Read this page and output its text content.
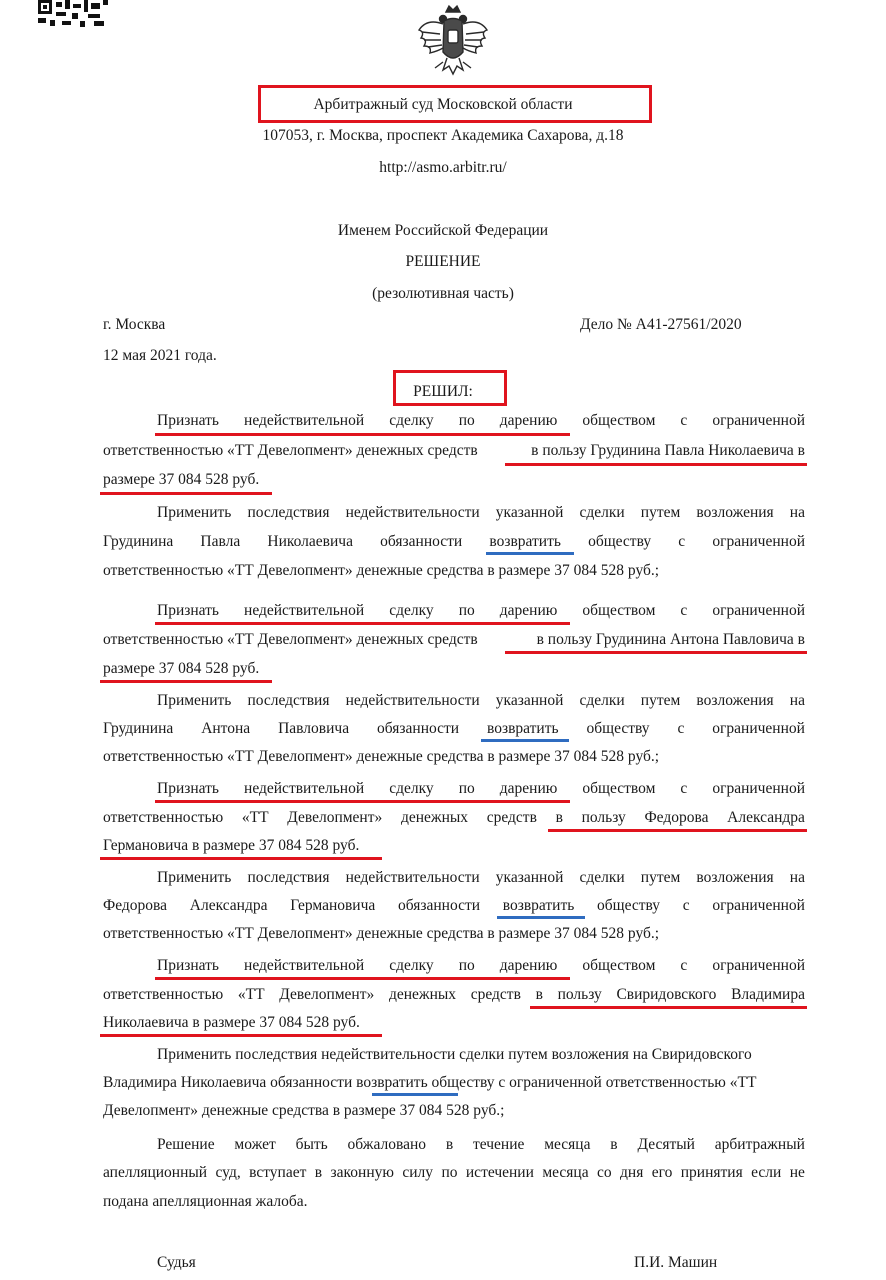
Арбитражный суд Московской области
107053, г. Москва, проспект Академика Сахарова, д.18
http://asmo.arbitr.ru/
Именем Российской Федерации
РЕШЕНИЕ
(резолютивная часть)
г. Москва	Дело № А41-27561/2020
12 мая 2021 года.
РЕШИЛ:
Признать недействительной сделку по дарению обществом с ограниченной
ответственностью «ТТ Девелопмент» денежных средств	в пользу Грудинина Павла Николаевича в
размере 37 084 528 руб.
Применить последствия недействительности указанной сделки путем возложения на
Грудинина Павла Николаевича обязанности возвратить обществу с ограниченной
ответственностью «ТТ Девелопмент» денежные средства в размере 37 084 528 руб.;
Признать недействительной сделку по дарению обществом с ограниченной
ответственностью «ТТ Девелопмент» денежных средств	в пользу Грудинина Антона Павловича в
размере 37 084 528 руб.
Применить последствия недействительности указанной сделки путем возложения на
Грудинина Антона Павловича обязанности возвратить обществу с ограниченной
ответственностью «ТТ Девелопмент» денежные средства в размере 37 084 528 руб.;
Признать недействительной сделку по дарению обществом с ограниченной
ответственностью «ТТ Девелопмент» денежных средств в пользу Федорова Александра
Германовича в размере 37 084 528 руб.
Применить последствия недействительности указанной сделки путем возложения на
Федорова Александра Германовича обязанности возвратить обществу с ограниченной
ответственностью «ТТ Девелопмент» денежные средства в размере 37 084 528 руб.;
Признать недействительной сделку по дарению обществом с ограниченной
ответственностью «ТТ Девелопмент» денежных средств в пользу Свиридовского Владимира
Николаевича в размере 37 084 528 руб.
Применить последствия недействительности сделки путем возложения на Свиридовского
Владимира Николаевича обязанности возвратить обществу с ограниченной ответственностью «ТТ
Девелопмент» денежные средства в размере 37 084 528 руб.;
Решение может быть обжаловано в течение месяца в Десятый арбитражный
апелляционный суд, вступает в законную силу по истечении месяца со дня его принятия если не
подана апелляционная жалоба.
Судья	П.И. Машин
